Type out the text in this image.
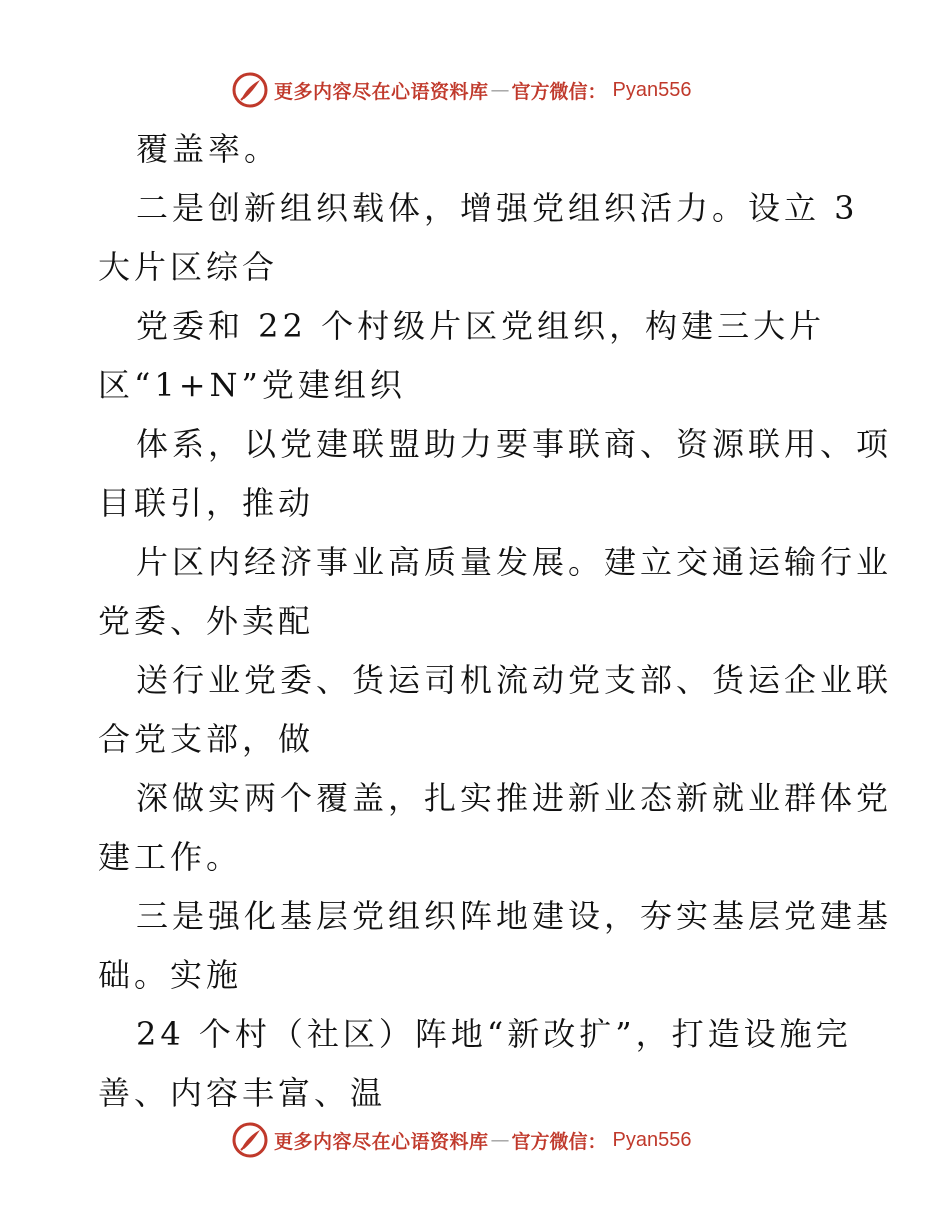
更多内容尽在心语资料库 — 官方微信： Pyan556
覆盖率。
二是创新组织载体，增强党组织活力。设立 3
大片区综合
党委和 22 个村级片区党组织，构建三大片
区“1+N”党建组织
体系，以党建联盟助力要事联商、资源联用、项
目联引，推动
片区内经济事业高质量发展。建立交通运输行业
党委、外卖配
送行业党委、货运司机流动党支部、货运企业联
合党支部，做
深做实两个覆盖，扎实推进新业态新就业群体党
建工作。
三是强化基层党组织阵地建设，夯实基层党建基
础。实施
24 个村（社区）阵地“新改扩”，打造设施完
善、内容丰富、温
更多内容尽在心语资料库 — 官方微信： Pyan556
